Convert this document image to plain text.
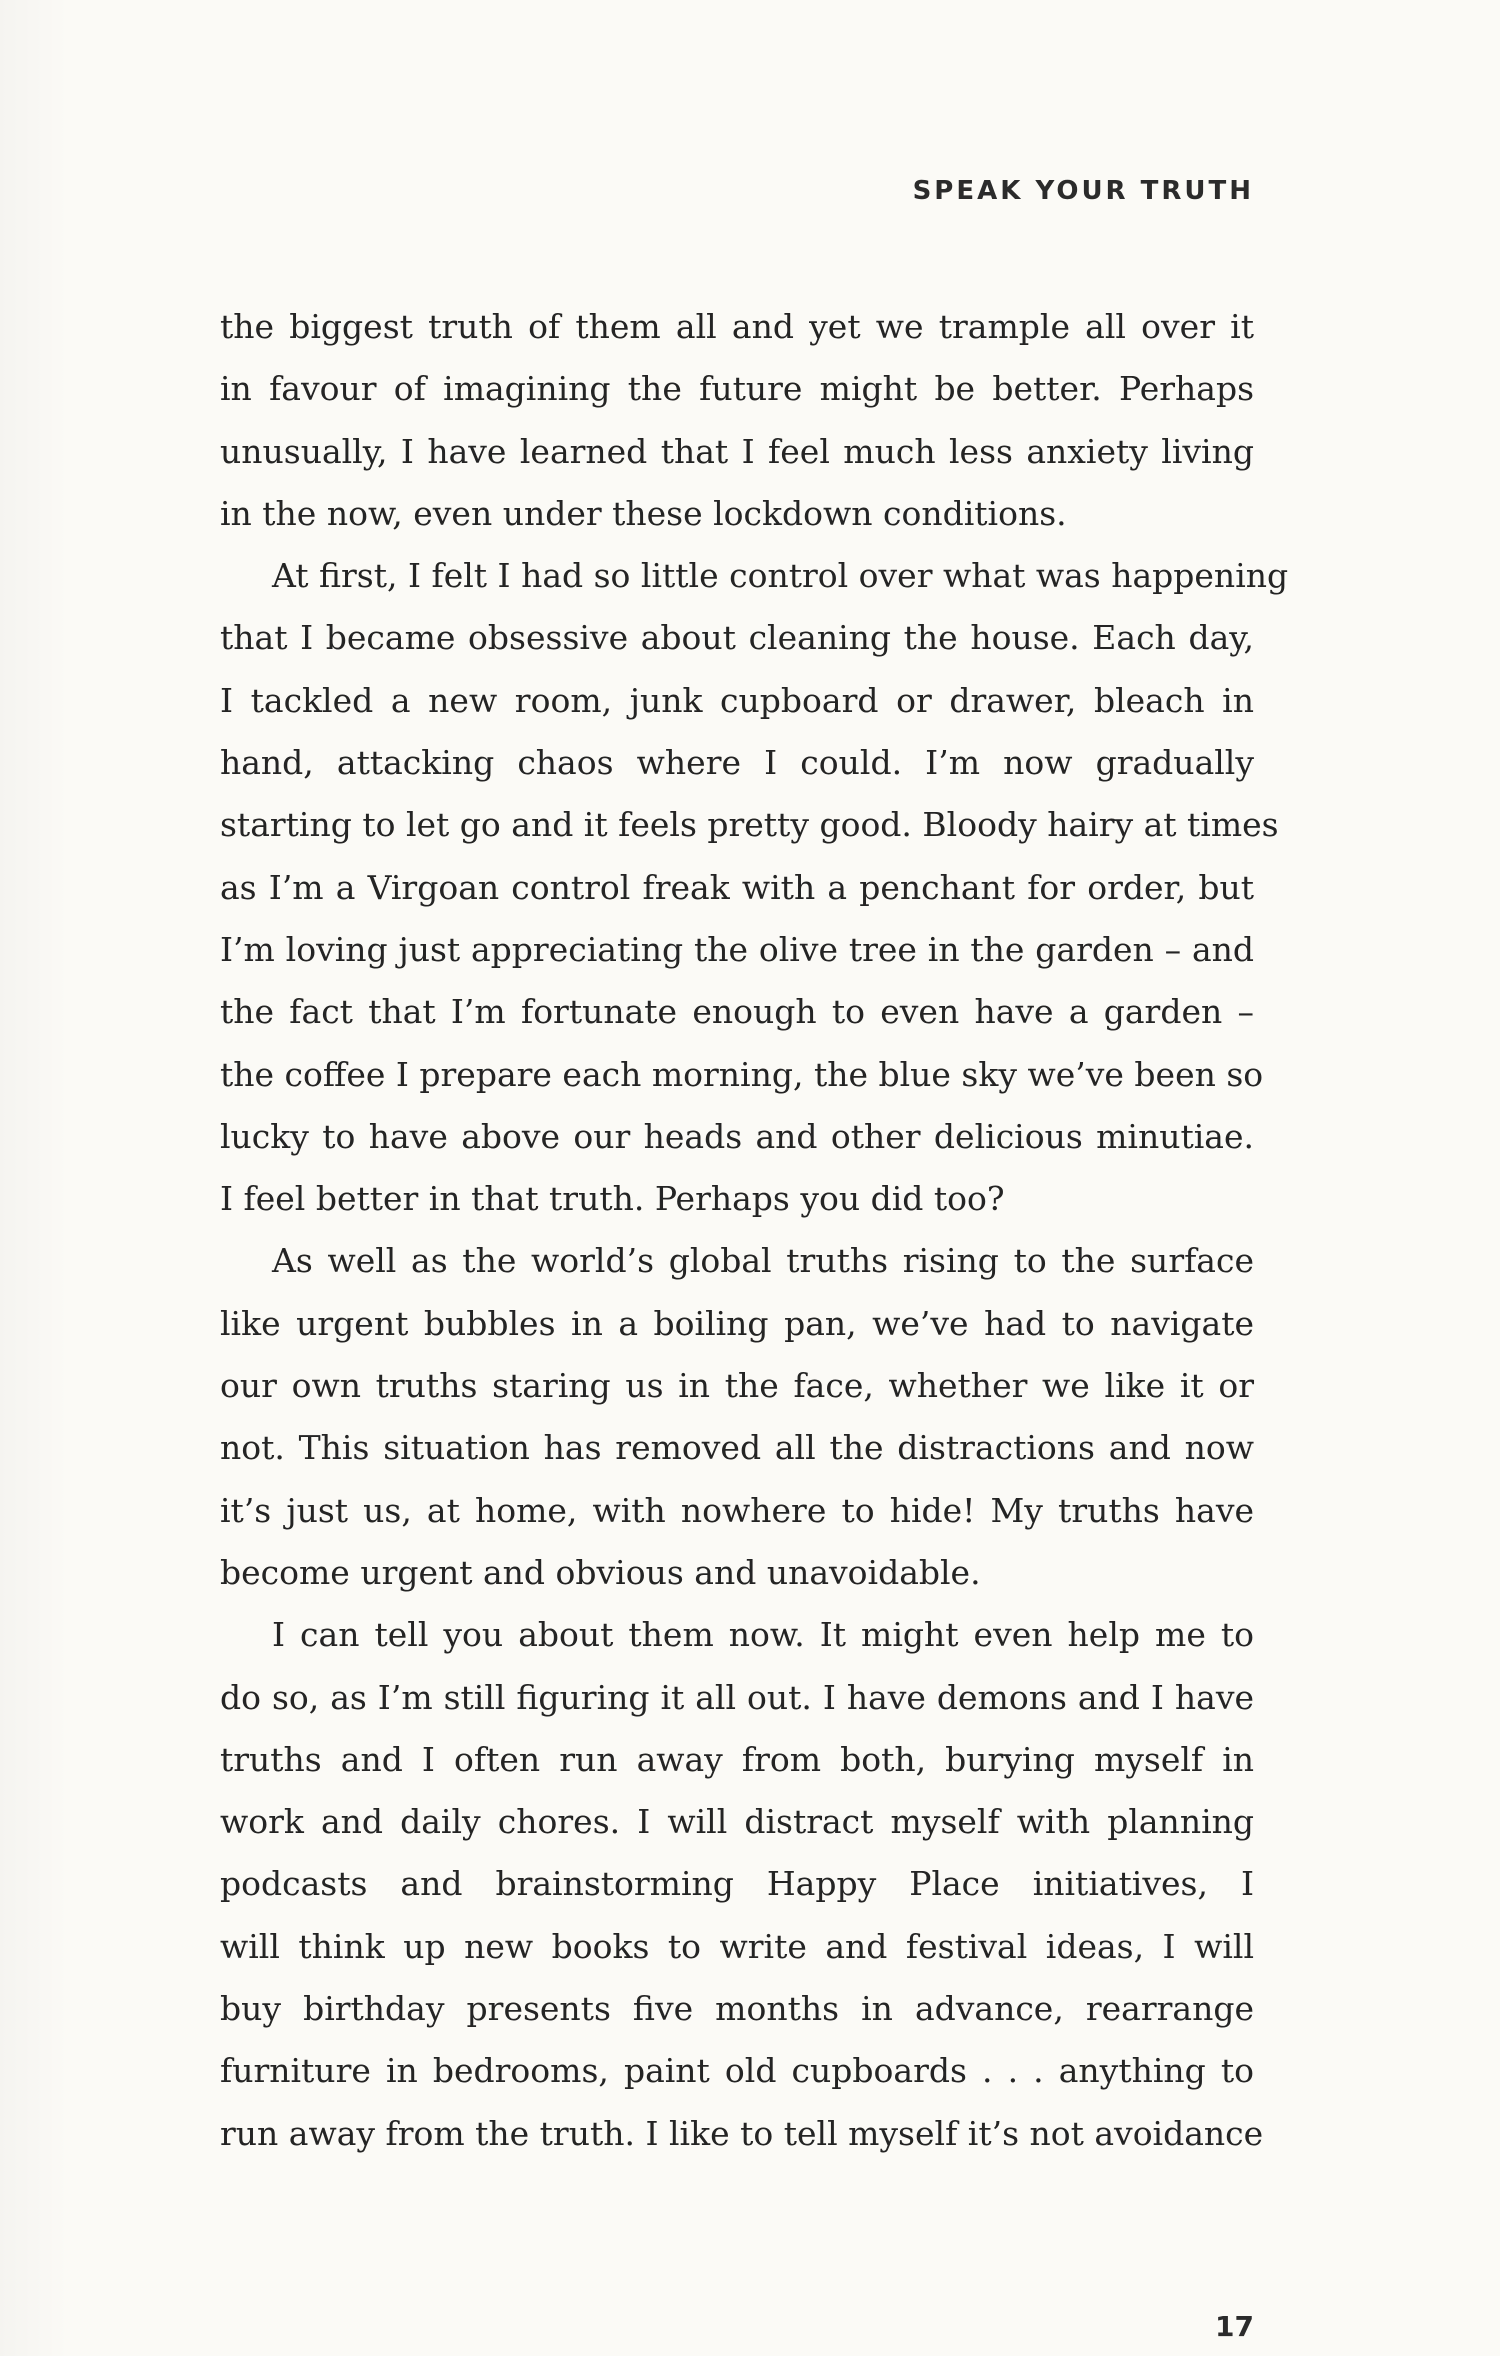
SPEAK YOUR TRUTH

the biggest truth of them all and yet we trample all over it
in favour of imagining the future might be better. Perhaps
unusually, I have learned that I feel much less anxiety living
in the now, even under these lockdown conditions.

At first, I felt I had so little control over what was happening
that I became obsessive about cleaning the house. Each day,
I tackled a new room, junk cupboard or drawer, bleach in
hand, attacking chaos where I could. I’m now gradually
starting to let go and it feels pretty good. Bloody hairy at times
as I’m a Virgoan control freak with a penchant for order, but
I’m loving just appreciating the olive tree in the garden – and
the fact that I’m fortunate enough to even have a garden –
the coffee I prepare each morning, the blue sky we’ve been so
lucky to have above our heads and other delicious minutiae.
I feel better in that truth. Perhaps you did too?

As well as the world’s global truths rising to the surface
like urgent bubbles in a boiling pan, we’ve had to navigate
our own truths staring us in the face, whether we like it or
not. This situation has removed all the distractions and now
it’s just us, at home, with nowhere to hide! My truths have
become urgent and obvious and unavoidable.

I can tell you about them now. It might even help me to
do so, as I’m still figuring it all out. I have demons and I have
truths and I often run away from both, burying myself in
work and daily chores. I will distract myself with planning
podcasts and brainstorming Happy Place initiatives, I
will think up new books to write and festival ideas, I will
buy birthday presents five months in advance, rearrange
furniture in bedrooms, paint old cupboards . . . anything to
run away from the truth. I like to tell myself it’s not avoidance

17
